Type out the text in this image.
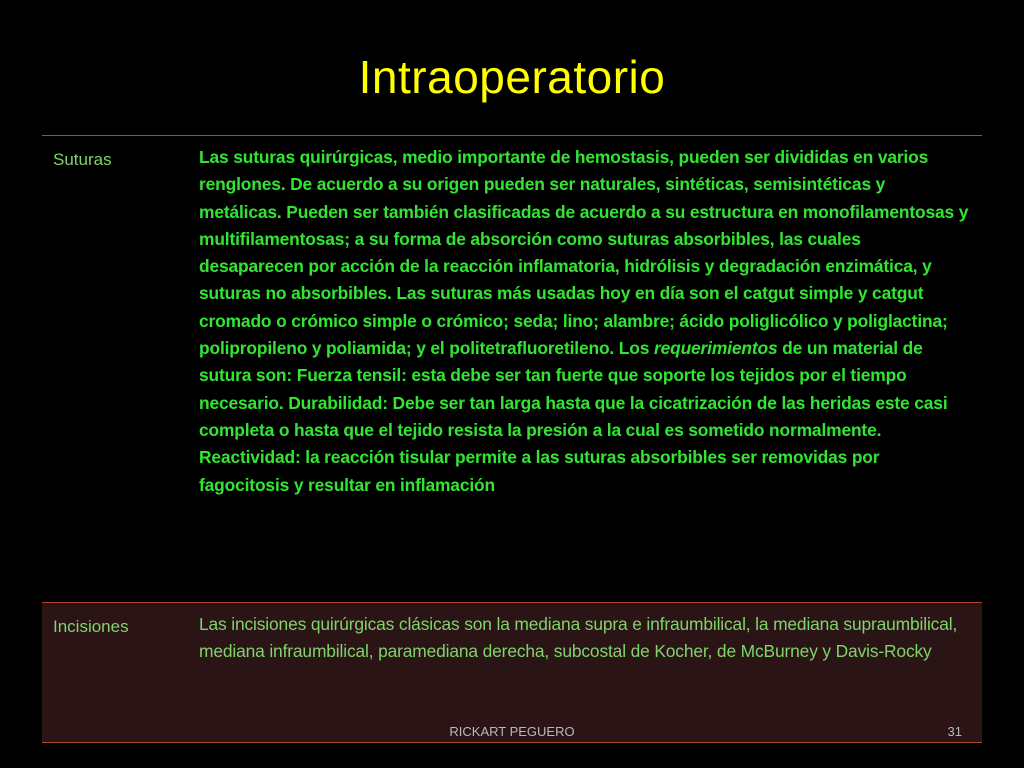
Intraoperatorio
Suturas	Las suturas quirúrgicas, medio importante de hemostasis, pueden ser divididas en varios renglones. De acuerdo a su origen pueden ser naturales, sintéticas, semisintéticas y metálicas. Pueden ser también clasificadas de acuerdo a su estructura en monofilamentosas y multifilamentosas; a su forma de absorción como suturas absorbibles, las cuales desaparecen por acción de la reacción inflamatoria, hidrólisis y degradación enzimática, y suturas no absorbibles. Las suturas más usadas hoy en día son el catgut simple y catgut cromado o crómico simple o crómico; seda; lino; alambre; ácido poliglicólico y poliglactina; polipropileno y poliamida; y el politetrafluoretileno. Los requerimientos de un material de sutura son: Fuerza tensil: esta debe ser tan fuerte que soporte los tejidos por el tiempo necesario. Durabilidad: Debe ser tan larga hasta que la cicatrización de las heridas este casi completa o hasta que el tejido resista la presión a la cual es sometido normalmente. Reactividad: la reacción tisular permite a las suturas absorbibles ser removidas por fagocitosis y resultar en inflamación
Incisiones	Las incisiones quirúrgicas clásicas son la mediana supra e infraumbilical, la mediana supraumbilical, mediana infraumbilical, paramediana derecha, subcostal de Kocher, de McBurney y Davis-Rocky
RICKART PEGUERO	31
